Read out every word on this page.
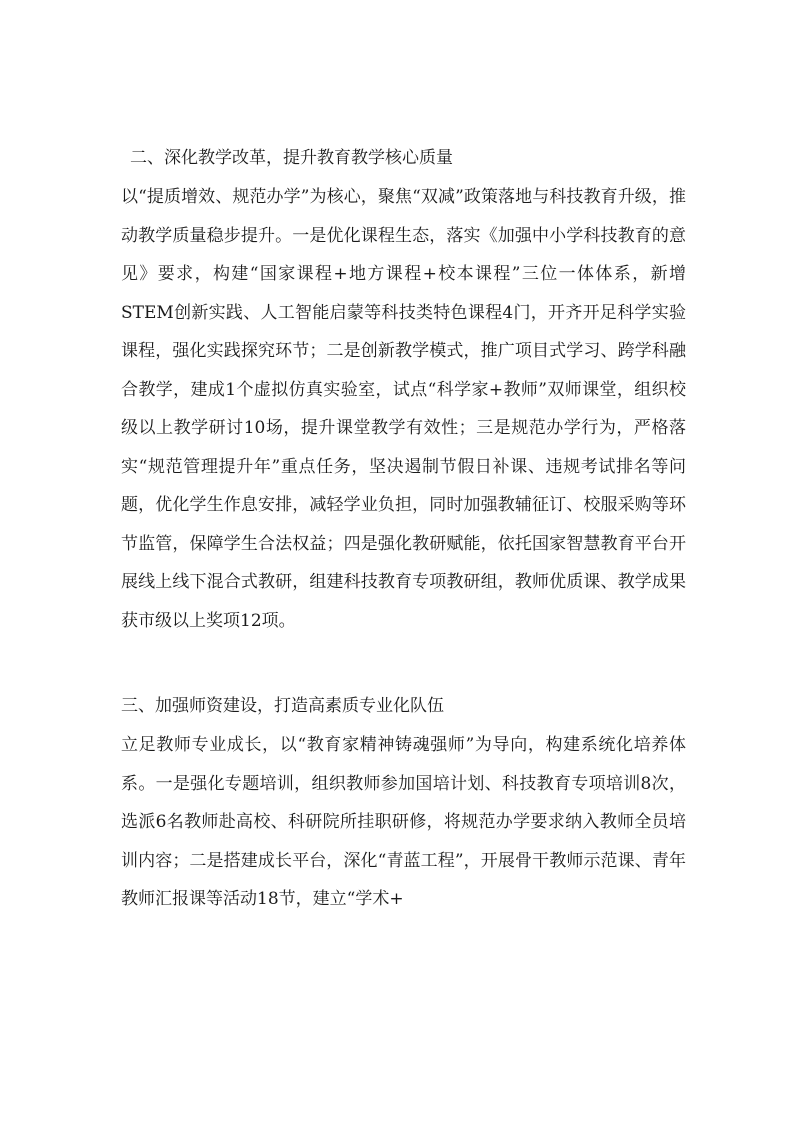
二、深化教学改革，提升教育教学核心质量

以“提质增效、规范办学”为核心，聚焦“双减”政策落地与科技教育升级，推动教学质量稳步提升。一是优化课程生态，落实《加强中小学科技教育的意见》要求，构建“国家课程+地方课程+校本课程”三位一体体系，新增STEM创新实践、人工智能启蒙等科技类特色课程4门，开齐开足科学实验课程，强化实践探究环节；二是创新教学模式，推广项目式学习、跨学科融合教学，建成1个虚拟仿真实验室，试点“科学家+教师”双师课堂，组织校级以上教学研讨10场，提升课堂教学有效性；三是规范办学行为，严格落实“规范管理提升年”重点任务，坚决遏制节假日补课、违规考试排名等问题，优化学生作息安排，减轻学业负担，同时加强教辅征订、校服采购等环节监管，保障学生合法权益；四是强化教研赋能，依托国家智慧教育平台开展线上线下混合式教研，组建科技教育专项教研组，教师优质课、教学成果获市级以上奖项12项。

三、加强师资建设，打造高素质专业化队伍

立足教师专业成长，以“教育家精神铸魂强师”为导向，构建系统化培养体系。一是强化专题培训，组织教师参加国培计划、科技教育专项培训8次，选派6名教师赴高校、科研院所挂职研修，将规范办学要求纳入教师全员培训内容；二是搭建成长平台，深化“青蓝工程”，开展骨干教师示范课、青年教师汇报课等活动18节，建立“学术+
